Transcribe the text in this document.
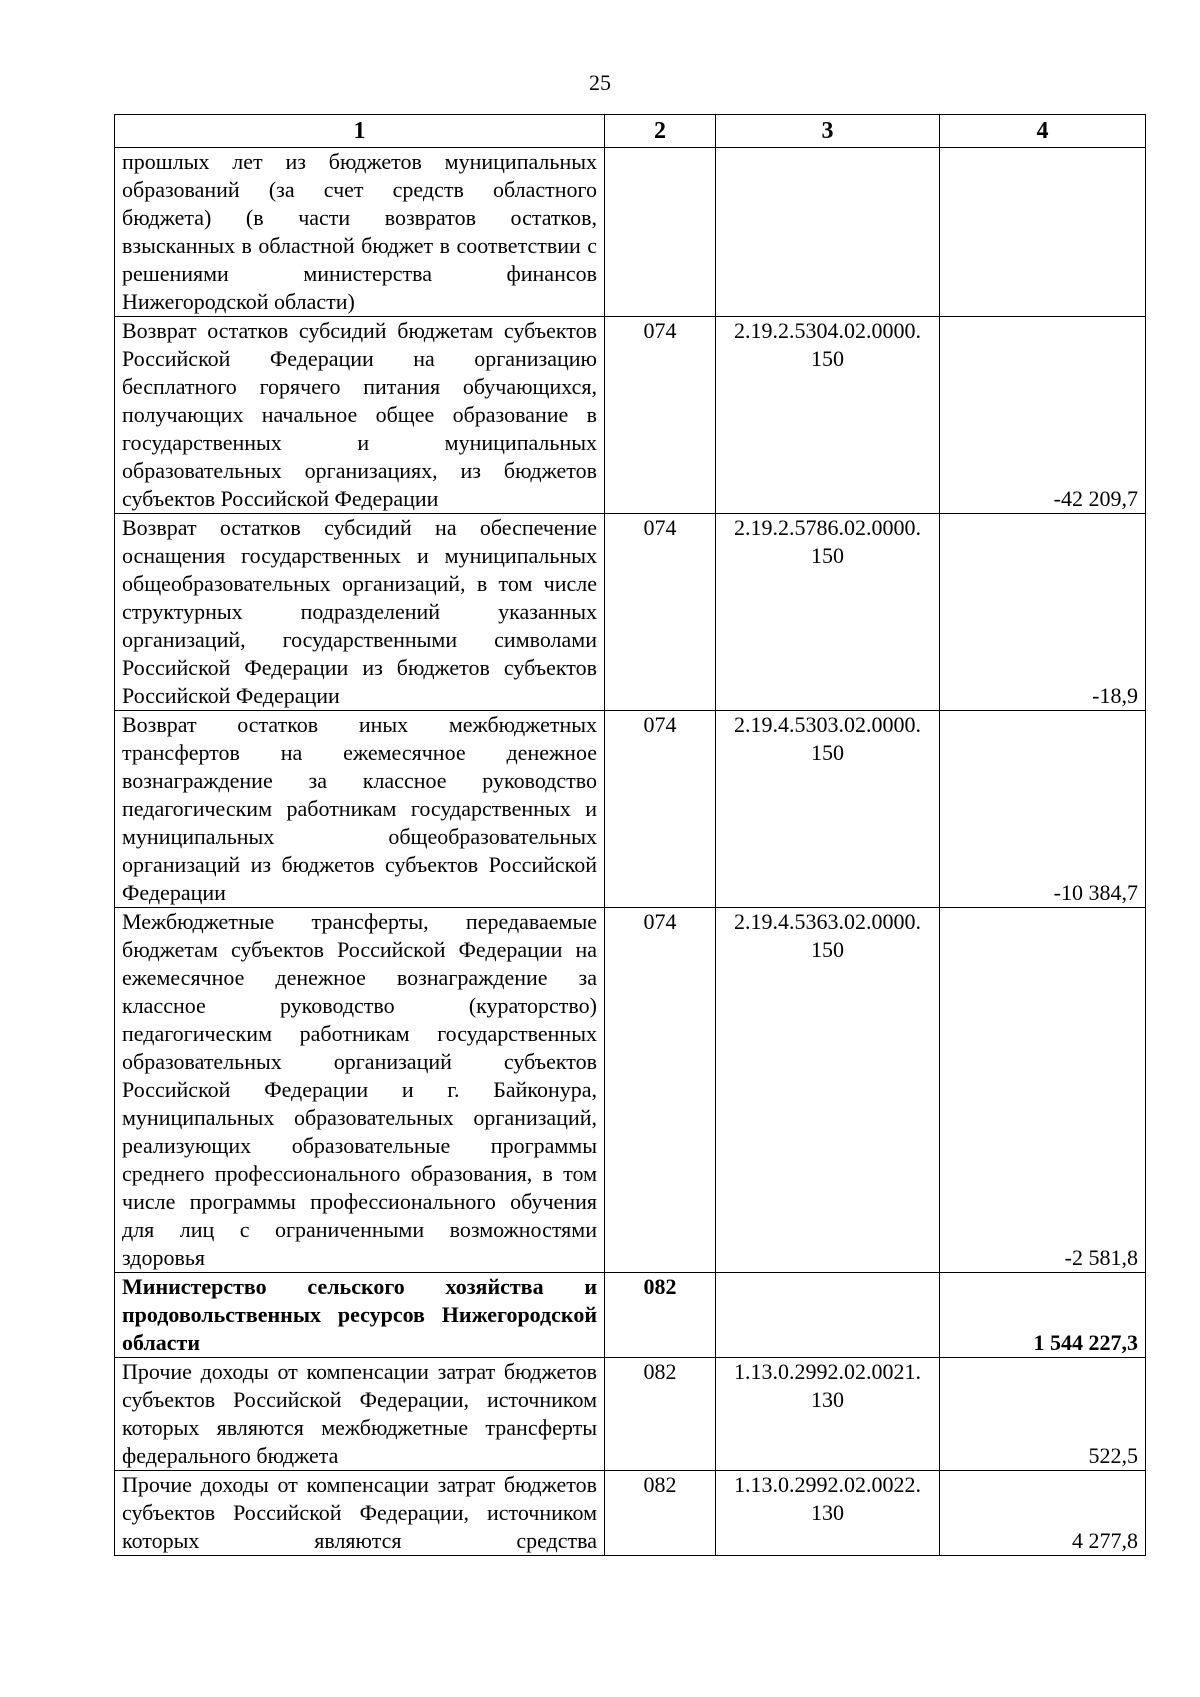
25
1	2	3	4
прошлых лет из бюджетов муниципальных образований (за счет средств областного бюджета) (в части возвратов остатков, взысканных в областной бюджет в соответствии с решениями министерства финансов Нижегородской области)			
Возврат остатков субсидий бюджетам субъектов Российской Федерации на организацию бесплатного горячего питания обучающихся, получающих начальное общее образование в государственных и муниципальных образовательных организациях, из бюджетов субъектов Российской Федерации	074	2.19.2.5304.02.0000. 150	-42 209,7
Возврат остатков субсидий на обеспечение оснащения государственных и муниципальных общеобразовательных организаций, в том числе структурных подразделений указанных организаций, государственными символами Российской Федерации из бюджетов субъектов Российской Федерации	074	2.19.2.5786.02.0000. 150	-18,9
Возврат остатков иных межбюджетных трансфертов на ежемесячное денежное вознаграждение за классное руководство педагогическим работникам государственных и муниципальных общеобразовательных организаций из бюджетов субъектов Российской Федерации	074	2.19.4.5303.02.0000. 150	-10 384,7
Межбюджетные трансферты, передаваемые бюджетам субъектов Российской Федерации на ежемесячное денежное вознаграждение за классное руководство (кураторство) педагогическим работникам государственных образовательных организаций субъектов Российской Федерации и г. Байконура, муниципальных образовательных организаций, реализующих образовательные программы среднего профессионального образования, в том числе программы профессионального обучения для лиц с ограниченными возможностями здоровья	074	2.19.4.5363.02.0000. 150	-2 581,8
Министерство сельского хозяйства и продовольственных ресурсов Нижегородской области	082		1 544 227,3
Прочие доходы от компенсации затрат бюджетов субъектов Российской Федерации, источником которых являются межбюджетные трансферты федерального бюджета	082	1.13.0.2992.02.0021. 130	522,5
Прочие доходы от компенсации затрат бюджетов субъектов Российской Федерации, источником которых являются средства	082	1.13.0.2992.02.0022. 130	4 277,8
